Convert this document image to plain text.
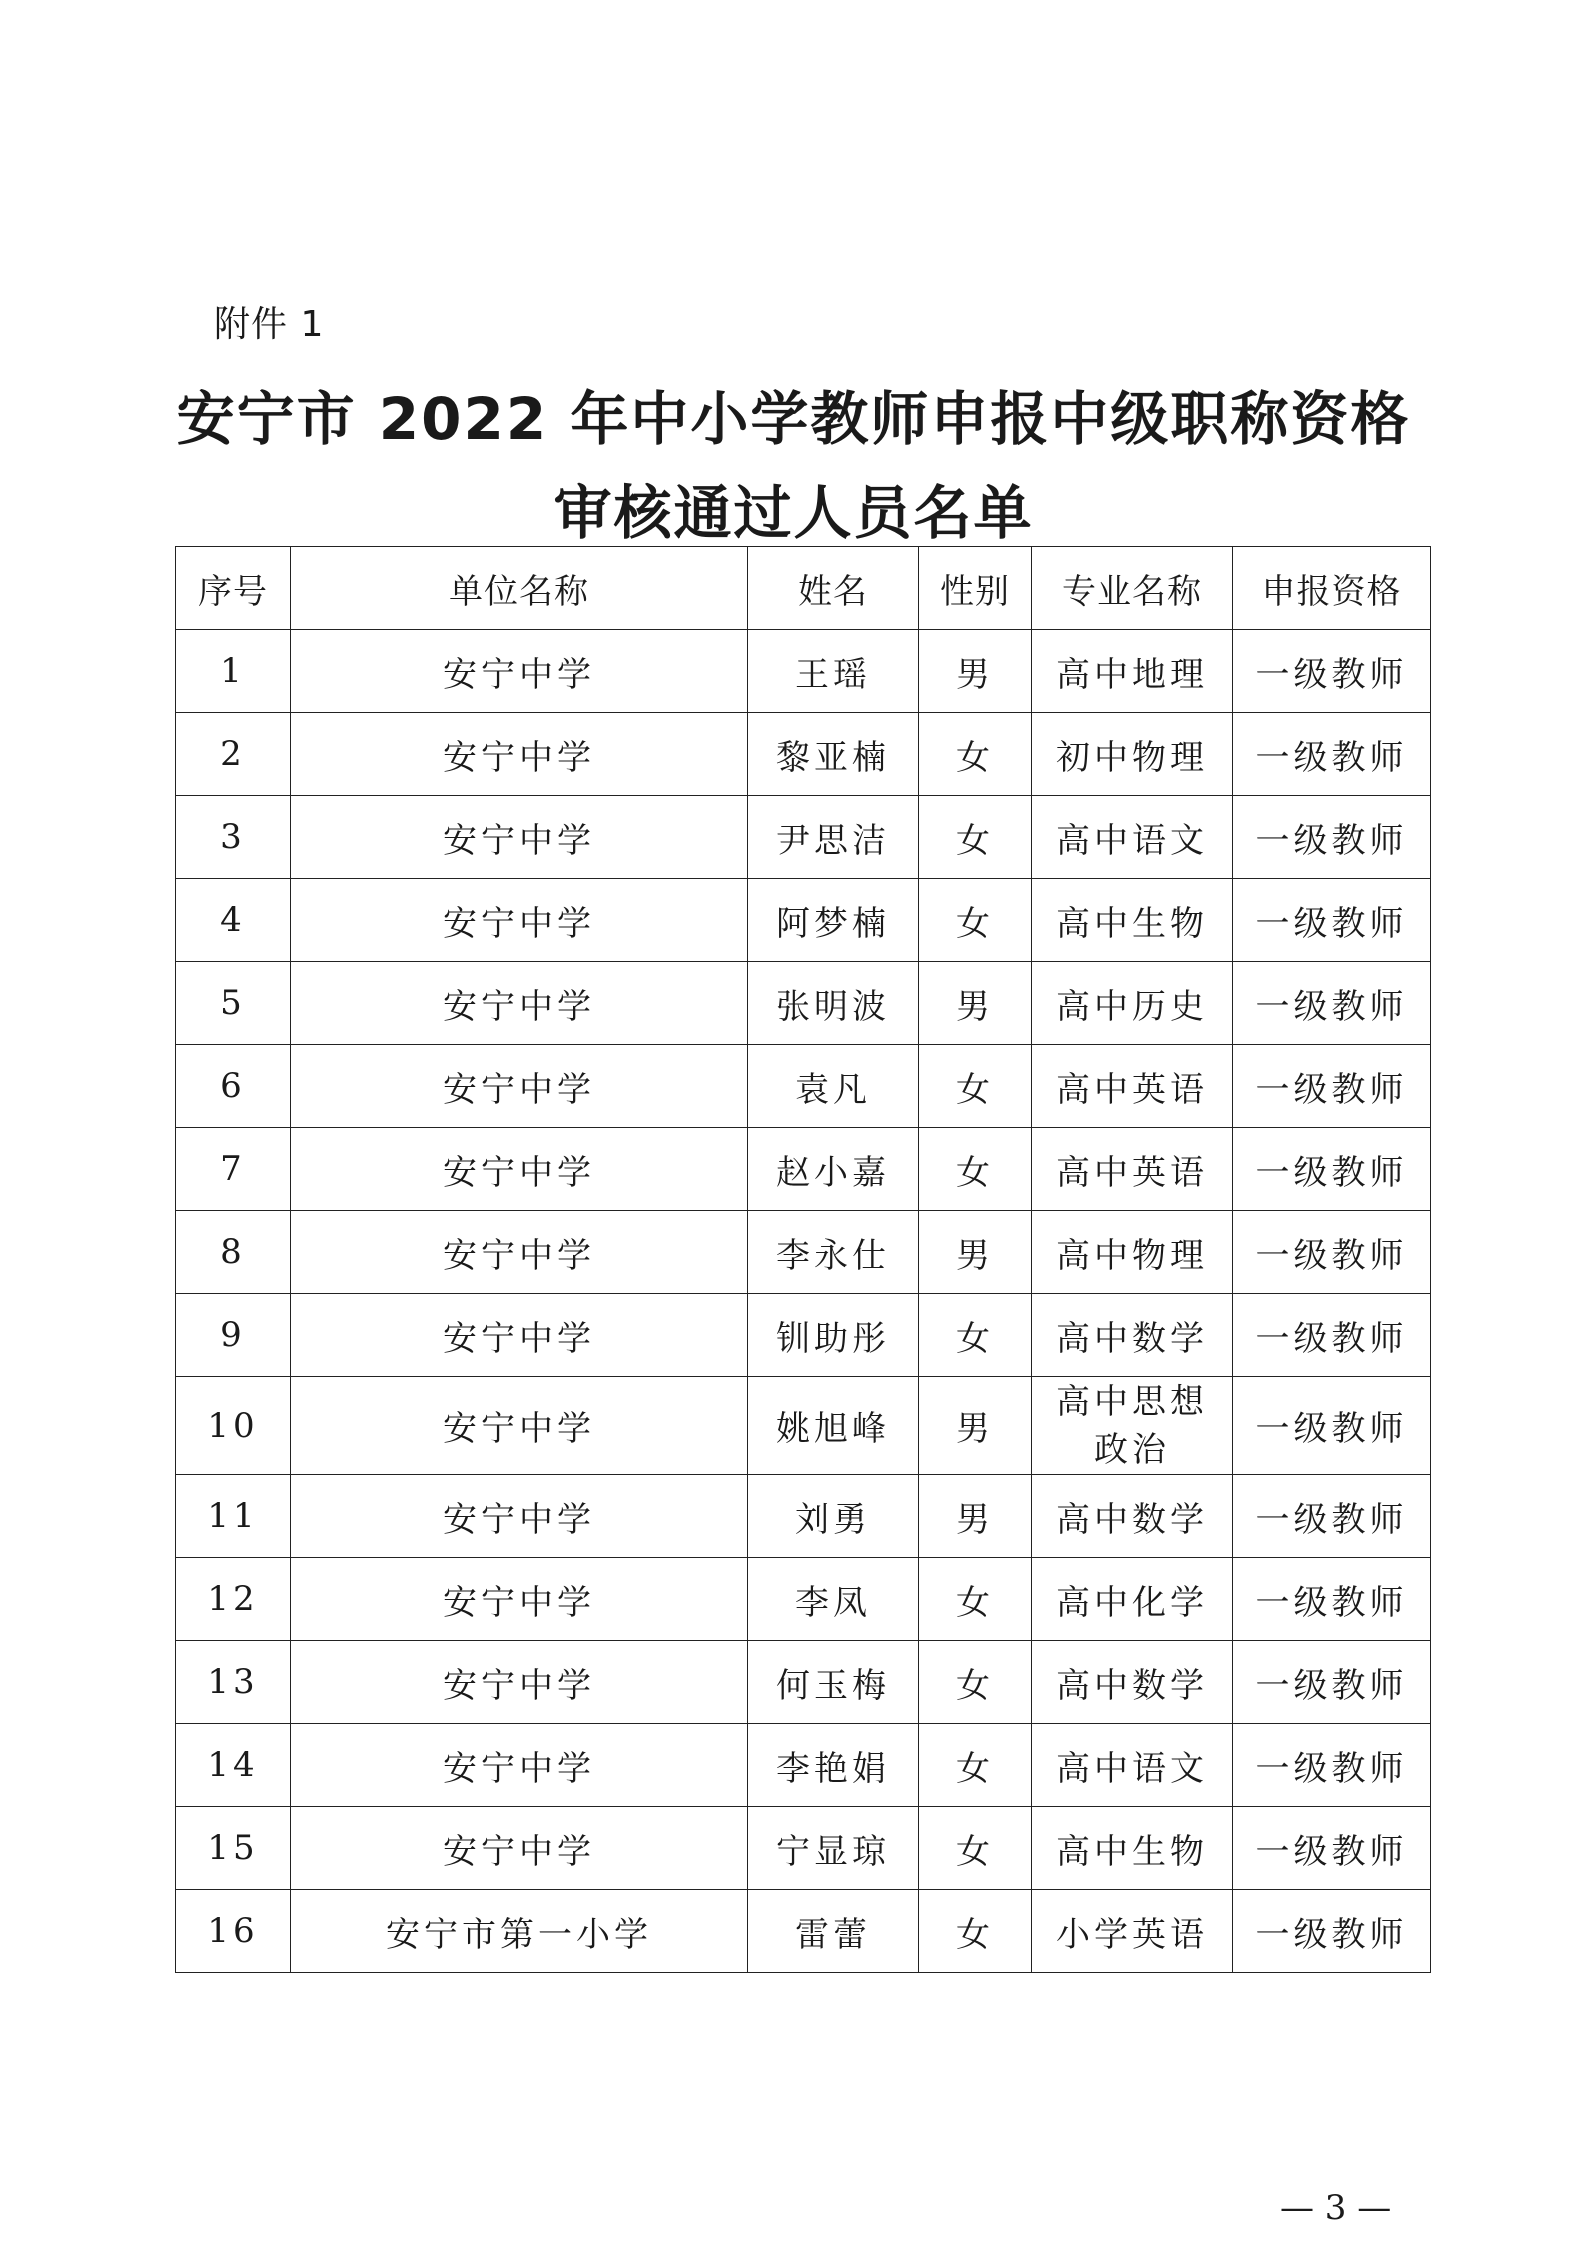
附件 1
安宁市 2022 年中小学教师申报中级职称资格
审核通过人员名单
序号	单位名称	姓名	性别	专业名称	申报资格
1	安宁中学	王瑶	男	高中地理	一级教师
2	安宁中学	黎亚楠	女	初中物理	一级教师
3	安宁中学	尹思洁	女	高中语文	一级教师
4	安宁中学	阿梦楠	女	高中生物	一级教师
5	安宁中学	张明波	男	高中历史	一级教师
6	安宁中学	袁凡	女	高中英语	一级教师
7	安宁中学	赵小嘉	女	高中英语	一级教师
8	安宁中学	李永仕	男	高中物理	一级教师
9	安宁中学	钏助彤	女	高中数学	一级教师
10	安宁中学	姚旭峰	男	高中思想
政治	一级教师
11	安宁中学	刘勇	男	高中数学	一级教师
12	安宁中学	李凤	女	高中化学	一级教师
13	安宁中学	何玉梅	女	高中数学	一级教师
14	安宁中学	李艳娟	女	高中语文	一级教师
15	安宁中学	宁显琼	女	高中生物	一级教师
16	安宁市第一小学	雷蕾	女	小学英语	一级教师
— 3 —
